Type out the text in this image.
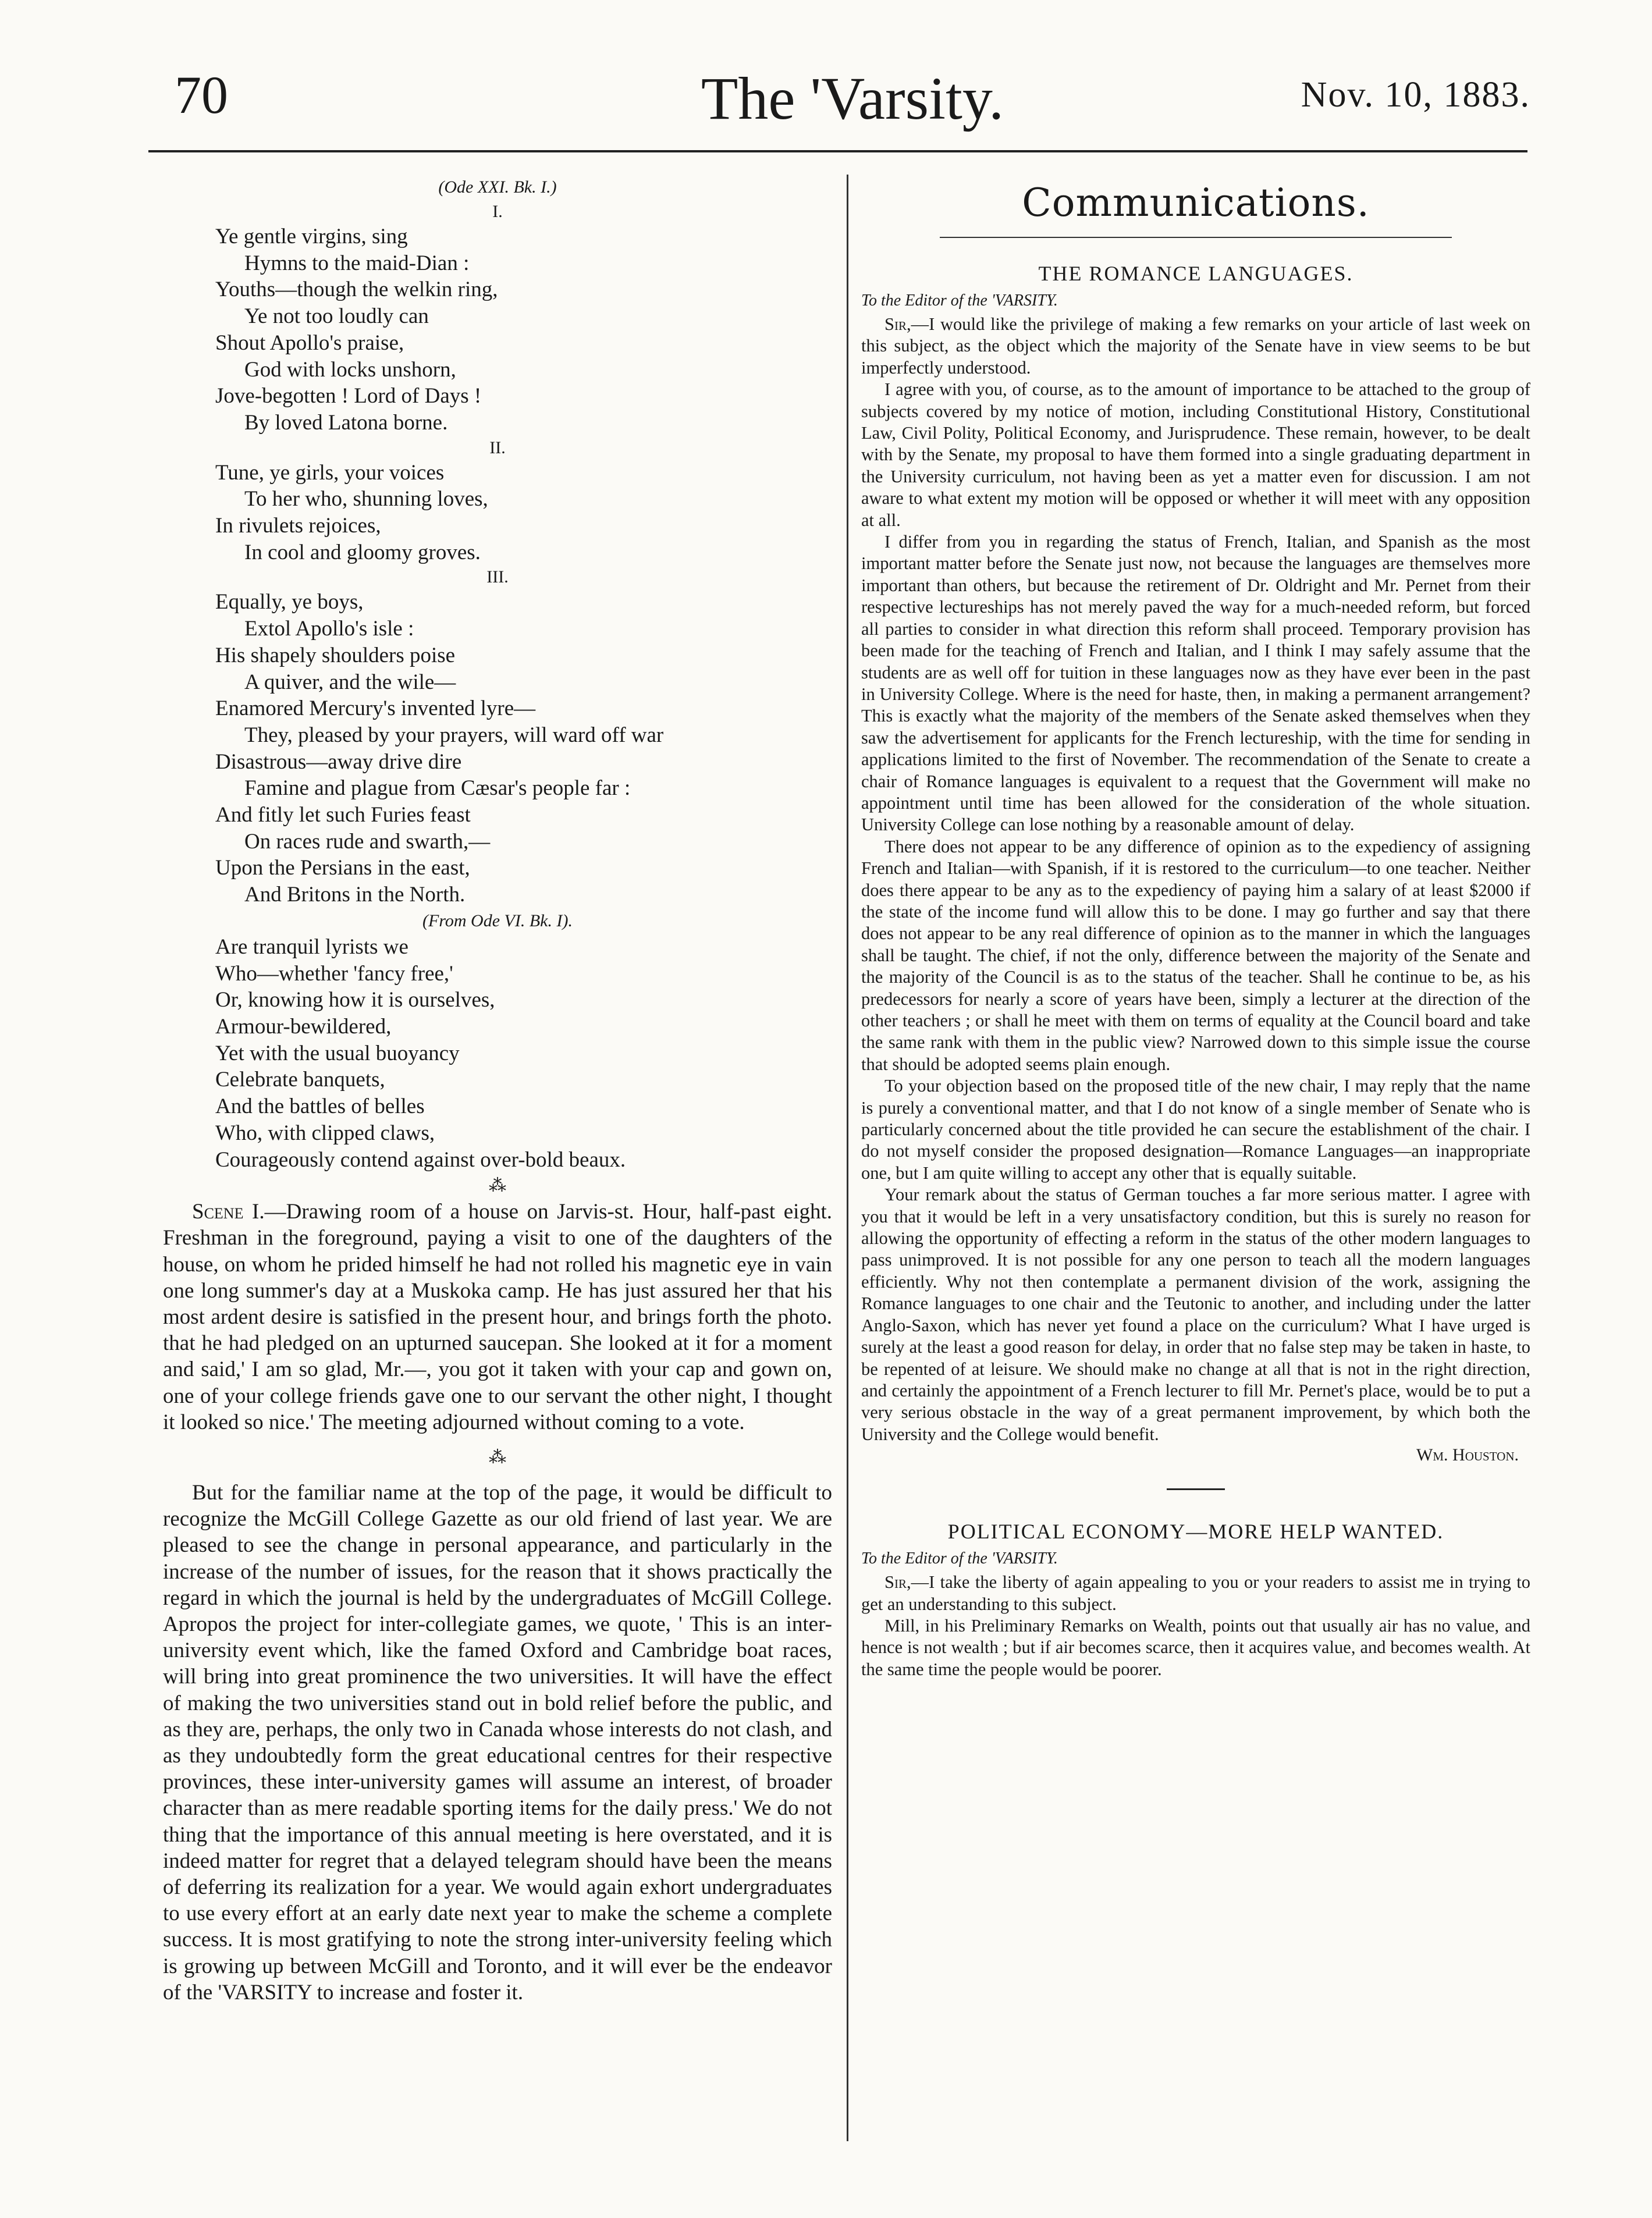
70	The 'Varsity.	Nov. 10, 1883.

(Ode XXI. Bk. I.)

I.

Ye gentle virgins, sing
Hymns to the maid-Dian :
Youths—though the welkin ring,
Ye not too loudly can
Shout Apollo's praise,
God with locks unshorn,
Jove-begotten ! Lord of Days !
By loved Latona borne.

II.

Tune, ye girls, your voices
To her who, shunning loves,
In rivulets rejoices,
In cool and gloomy groves.

III.

Equally, ye boys,
Extol Apollo's isle :
His shapely shoulders poise
A quiver, and the wile—
Enamored Mercury's invented lyre—
They, pleased by your prayers, will ward off war
Disastrous—away drive dire
Famine and plague from Cæsar's people far :
And fitly let such Furies feast
On races rude and swarth,—
Upon the Persians in the east,
And Britons in the North.

(From Ode VI. Bk. I).

Are tranquil lyrists we
Who—whether 'fancy free,'
Or, knowing how it is ourselves,
Armour-bewildered,
Yet with the usual buoyancy
Celebrate banquets,
And the battles of belles
Who, with clipped claws,
Courageously contend against over-bold beaux.

⁂

Scene I.—Drawing room of a house on Jarvis-st. Hour, half-past eight. Freshman in the foreground, paying a visit to one of the daughters of the house, on whom he prided himself he had not rolled his magnetic eye in vain one long summer's day at a Muskoka camp. He has just assured her that his most ardent desire is satisfied in the present hour, and brings forth the photo. that he had pledged on an upturned saucepan. She looked at it for a moment and said,' I am so glad, Mr.—, you got it taken with your cap and gown on, one of your college friends gave one to our servant the other night, I thought it looked so nice.' The meeting adjourned without coming to a vote.

⁂

But for the familiar name at the top of the page, it would be difficult to recognize the McGill College Gazette as our old friend of last year. We are pleased to see the change in personal appearance, and particularly in the increase of the number of issues, for the reason that it shows practically the regard in which the journal is held by the undergraduates of McGill College. Apropos the project for inter-collegiate games, we quote, ' This is an inter-university event which, like the famed Oxford and Cambridge boat races, will bring into great prominence the two universities. It will have the effect of making the two universities stand out in bold relief before the public, and as they are, perhaps, the only two in Canada whose interests do not clash, and as they undoubtedly form the great educational centres for their respective provinces, these inter-university games will assume an interest, of broader character than as mere readable sporting items for the daily press.' We do not thing that the importance of this annual meeting is here overstated, and it is indeed matter for regret that a delayed telegram should have been the means of deferring its realization for a year. We would again exhort undergraduates to use every effort at an early date next year to make the scheme a complete success. It is most gratifying to note the strong inter-university feeling which is growing up between McGill and Toronto, and it will ever be the endeavor of the 'VARSITY to increase and foster it.

Communications.
THE ROMANCE LANGUAGES.

To the Editor of the 'VARSITY.

Sir,—I would like the privilege of making a few remarks on your article of last week on this subject, as the object which the majority of the Senate have in view seems to be but imperfectly understood.

I agree with you, of course, as to the amount of importance to be attached to the group of subjects covered by my notice of motion, including Constitutional History, Constitutional Law, Civil Polity, Political Economy, and Jurisprudence. These remain, however, to be dealt with by the Senate, my proposal to have them formed into a single graduating department in the University curriculum, not having been as yet a matter even for discussion. I am not aware to what extent my motion will be opposed or whether it will meet with any opposition at all.

I differ from you in regarding the status of French, Italian, and Spanish as the most important matter before the Senate just now, not because the languages are themselves more important than others, but because the retirement of Dr. Oldright and Mr. Pernet from their respective lectureships has not merely paved the way for a much-needed reform, but forced all parties to consider in what direction this reform shall proceed. Temporary provision has been made for the teaching of French and Italian, and I think I may safely assume that the students are as well off for tuition in these languages now as they have ever been in the past in University College. Where is the need for haste, then, in making a permanent arrangement? This is exactly what the majority of the members of the Senate asked themselves when they saw the advertisement for applicants for the French lectureship, with the time for sending in applications limited to the first of November. The recommendation of the Senate to create a chair of Romance languages is equivalent to a request that the Government will make no appointment until time has been allowed for the consideration of the whole situation. University College can lose nothing by a reasonable amount of delay.

There does not appear to be any difference of opinion as to the expediency of assigning French and Italian—with Spanish, if it is restored to the curriculum—to one teacher. Neither does there appear to be any as to the expediency of paying him a salary of at least $2000 if the state of the income fund will allow this to be done. I may go further and say that there does not appear to be any real difference of opinion as to the manner in which the languages shall be taught. The chief, if not the only, difference between the majority of the Senate and the majority of the Council is as to the status of the teacher. Shall he continue to be, as his predecessors for nearly a score of years have been, simply a lecturer at the direction of the other teachers ; or shall he meet with them on terms of equality at the Council board and take the same rank with them in the public view? Narrowed down to this simple issue the course that should be adopted seems plain enough.

To your objection based on the proposed title of the new chair, I may reply that the name is purely a conventional matter, and that I do not know of a single member of Senate who is particularly concerned about the title provided he can secure the establishment of the chair. I do not myself consider the proposed designation—Romance Languages—an inappropriate one, but I am quite willing to accept any other that is equally suitable.

Your remark about the status of German touches a far more serious matter. I agree with you that it would be left in a very unsatisfactory condition, but this is surely no reason for allowing the opportunity of effecting a reform in the status of the other modern languages to pass unimproved. It is not possible for any one person to teach all the modern languages efficiently. Why not then contemplate a permanent division of the work, assigning the Romance languages to one chair and the Teutonic to another, and including under the latter Anglo-Saxon, which has never yet found a place on the curriculum? What I have urged is surely at the least a good reason for delay, in order that no false step may be taken in haste, to be repented of at leisure. We should make no change at all that is not in the right direction, and certainly the appointment of a French lecturer to fill Mr. Pernet's place, would be to put a very serious obstacle in the way of a great permanent improvement, by which both the University and the College would benefit.

Wm. Houston.

POLITICAL ECONOMY—MORE HELP WANTED.

To the Editor of the 'VARSITY.

Sir,—I take the liberty of again appealing to you or your readers to assist me in trying to get an understanding to this subject.

Mill, in his Preliminary Remarks on Wealth, points out that usually air has no value, and hence is not wealth ; but if air becomes scarce, then it acquires value, and becomes wealth. At the same time the people would be poorer.
